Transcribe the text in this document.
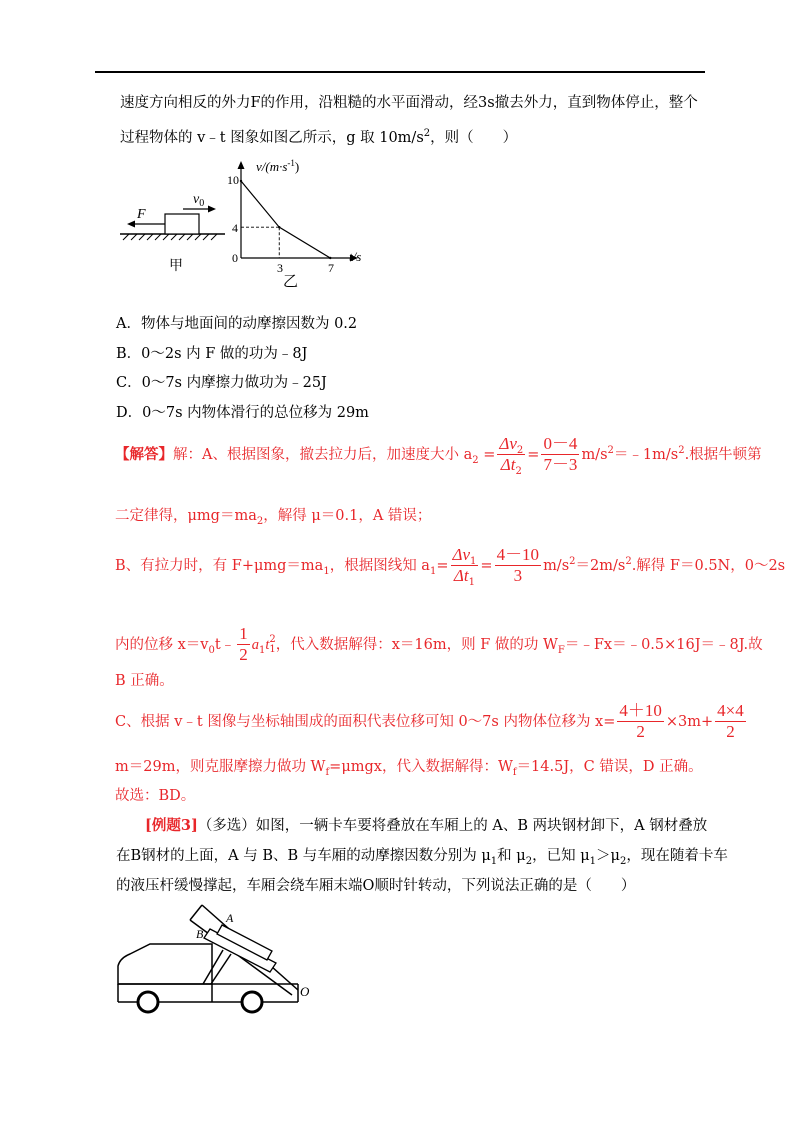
速度方向相反的外力F的作用，沿粗糙的水平面滑动，经3s撤去外力，直到物体停止，整个
过程物体的 v﹣t 图象如图乙所示，g 取 $10m/s^2$，则（　　）
F
$v_0$
甲
$v/(m\cdot s^{-1})$
t/s
10
4
0
3	7
乙
A．物体与地面间的动摩擦因数为 0.2
B．0～2s 内 F 做的功为﹣8J
C．0～7s 内摩擦力做功为﹣25J
D．0～7s 内物体滑行的总位移为 29m
【解答】解：A、根据图象，撤去拉力后，加速度大小 $a_2 = \frac{\Delta v_2}{\Delta t_2} = \frac{0-4}{7-3}$ $m/s^2=﹣1m/s^2$.根据牛顿第
二定律得，$\mu mg=ma_2$，解得 μ＝0.1，A 错误；
B、有拉力时，有 $F+\mu mg=ma_1$，根据图线知 $a_1= \frac{\Delta v_1}{\Delta t_1} = \frac{4-10}{3} m/s^2=2m/s^2$.解得 F＝0.5N，0～2s
内的位移 $x=v_0t﹣ \frac{1}{2} a_1t$ 2
1 ，代入数据解得：x＝16m，则 F 做的功 $W_F=﹣Fx=﹣0.5\times 16J=﹣8J$.故
B 正确。
C、根据 v﹣t 图像与坐标轴围成的面积代表位移可知 0～7s 内物体位移为 $x= \frac{4+10}{2} \times 3m+ \frac{4\times 4}{2}$
m＝29m，则克服摩擦力做功 $W_f=\mu mgx$，代入数据解得：$W_f=14.5J$，C 错误，D 正确。
故选：BD。
[例题3]（多选）如图，一辆卡车要将叠放在车厢上的 A、B 两块钢材卸下，A 钢材叠放
在B钢材的上面，A 与 B、B 与车厢的动摩擦因数分别为 $\mu_1$和 $\mu_2$，已知 $\mu_1>\mu_2$，现在随着卡车
的液压杆缓慢撑起，车厢会绕车厢末端O顺时针转动，下列说法正确的是（　　）
B
A
O
